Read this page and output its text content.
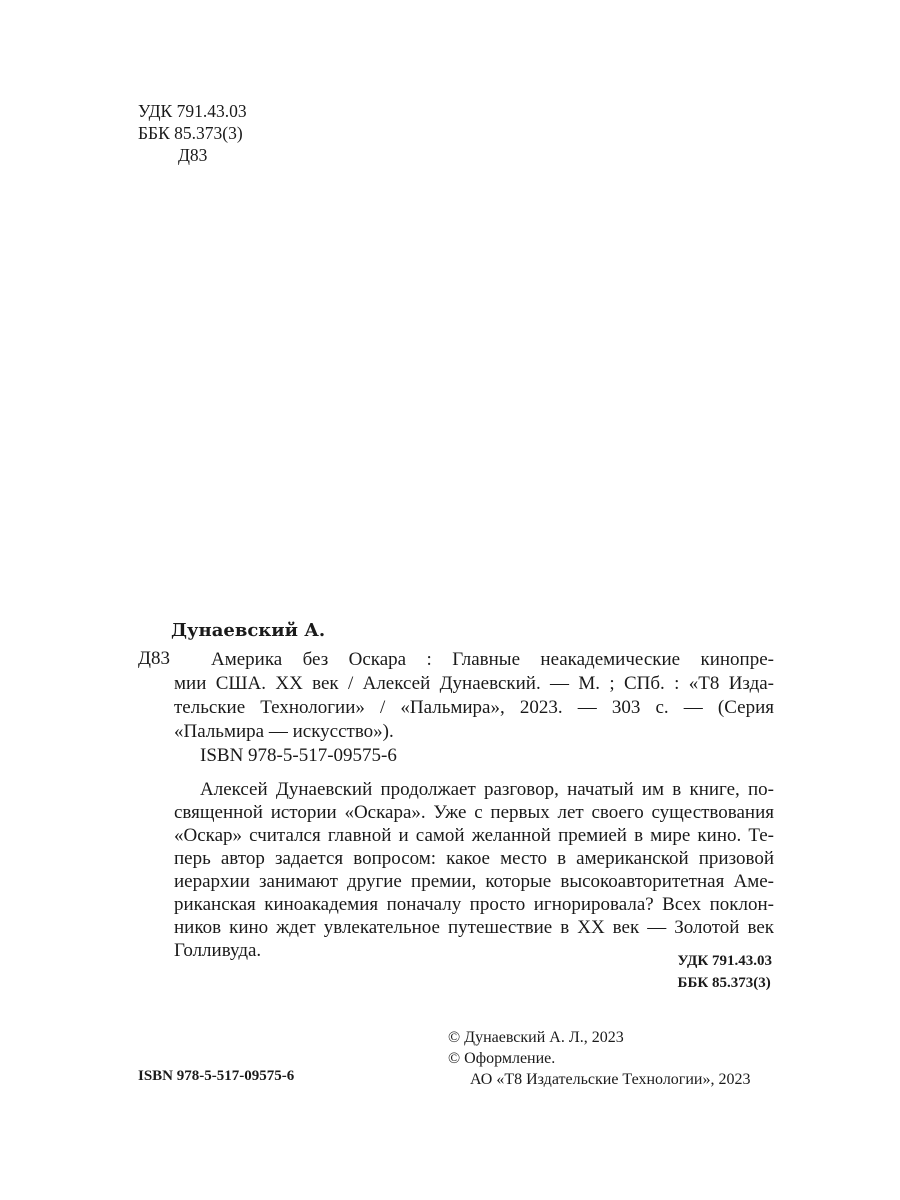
УДК 791.43.03
ББК 85.373(3)
Д83
Дунаевский А.
Д83 Америка без Оскара : Главные неакадемические кинопре-
мии США. XX век / Алексей Дунаевский. — М. ; СПб. : «Т8 Изда-
тельские Технологии» / «Пальмира», 2023. — 303 с. — (Серия
«Пальмира — искусство»).
ISBN 978-5-517-09575-6
Алексей Дунаевский продолжает разговор, начатый им в книге, по-
священной истории «Оскара». Уже с первых лет своего существования
«Оскар» считался главной и самой желанной премией в мире кино. Те-
перь автор задается вопросом: какое место в американской призовой
иерархии занимают другие премии, которые высокоавторитетная Аме-
риканская киноакадемия поначалу просто игнорировала? Всех поклон-
ников кино ждет увлекательное путешествие в XX век — Золотой век
Голливуда.	УДК 791.43.03
ББК 85.373(3)
© Дунаевский А. Л., 2023
© Оформление.
АО «Т8 Издательские Технологии», 2023
ISBN 978-5-517-09575-6
